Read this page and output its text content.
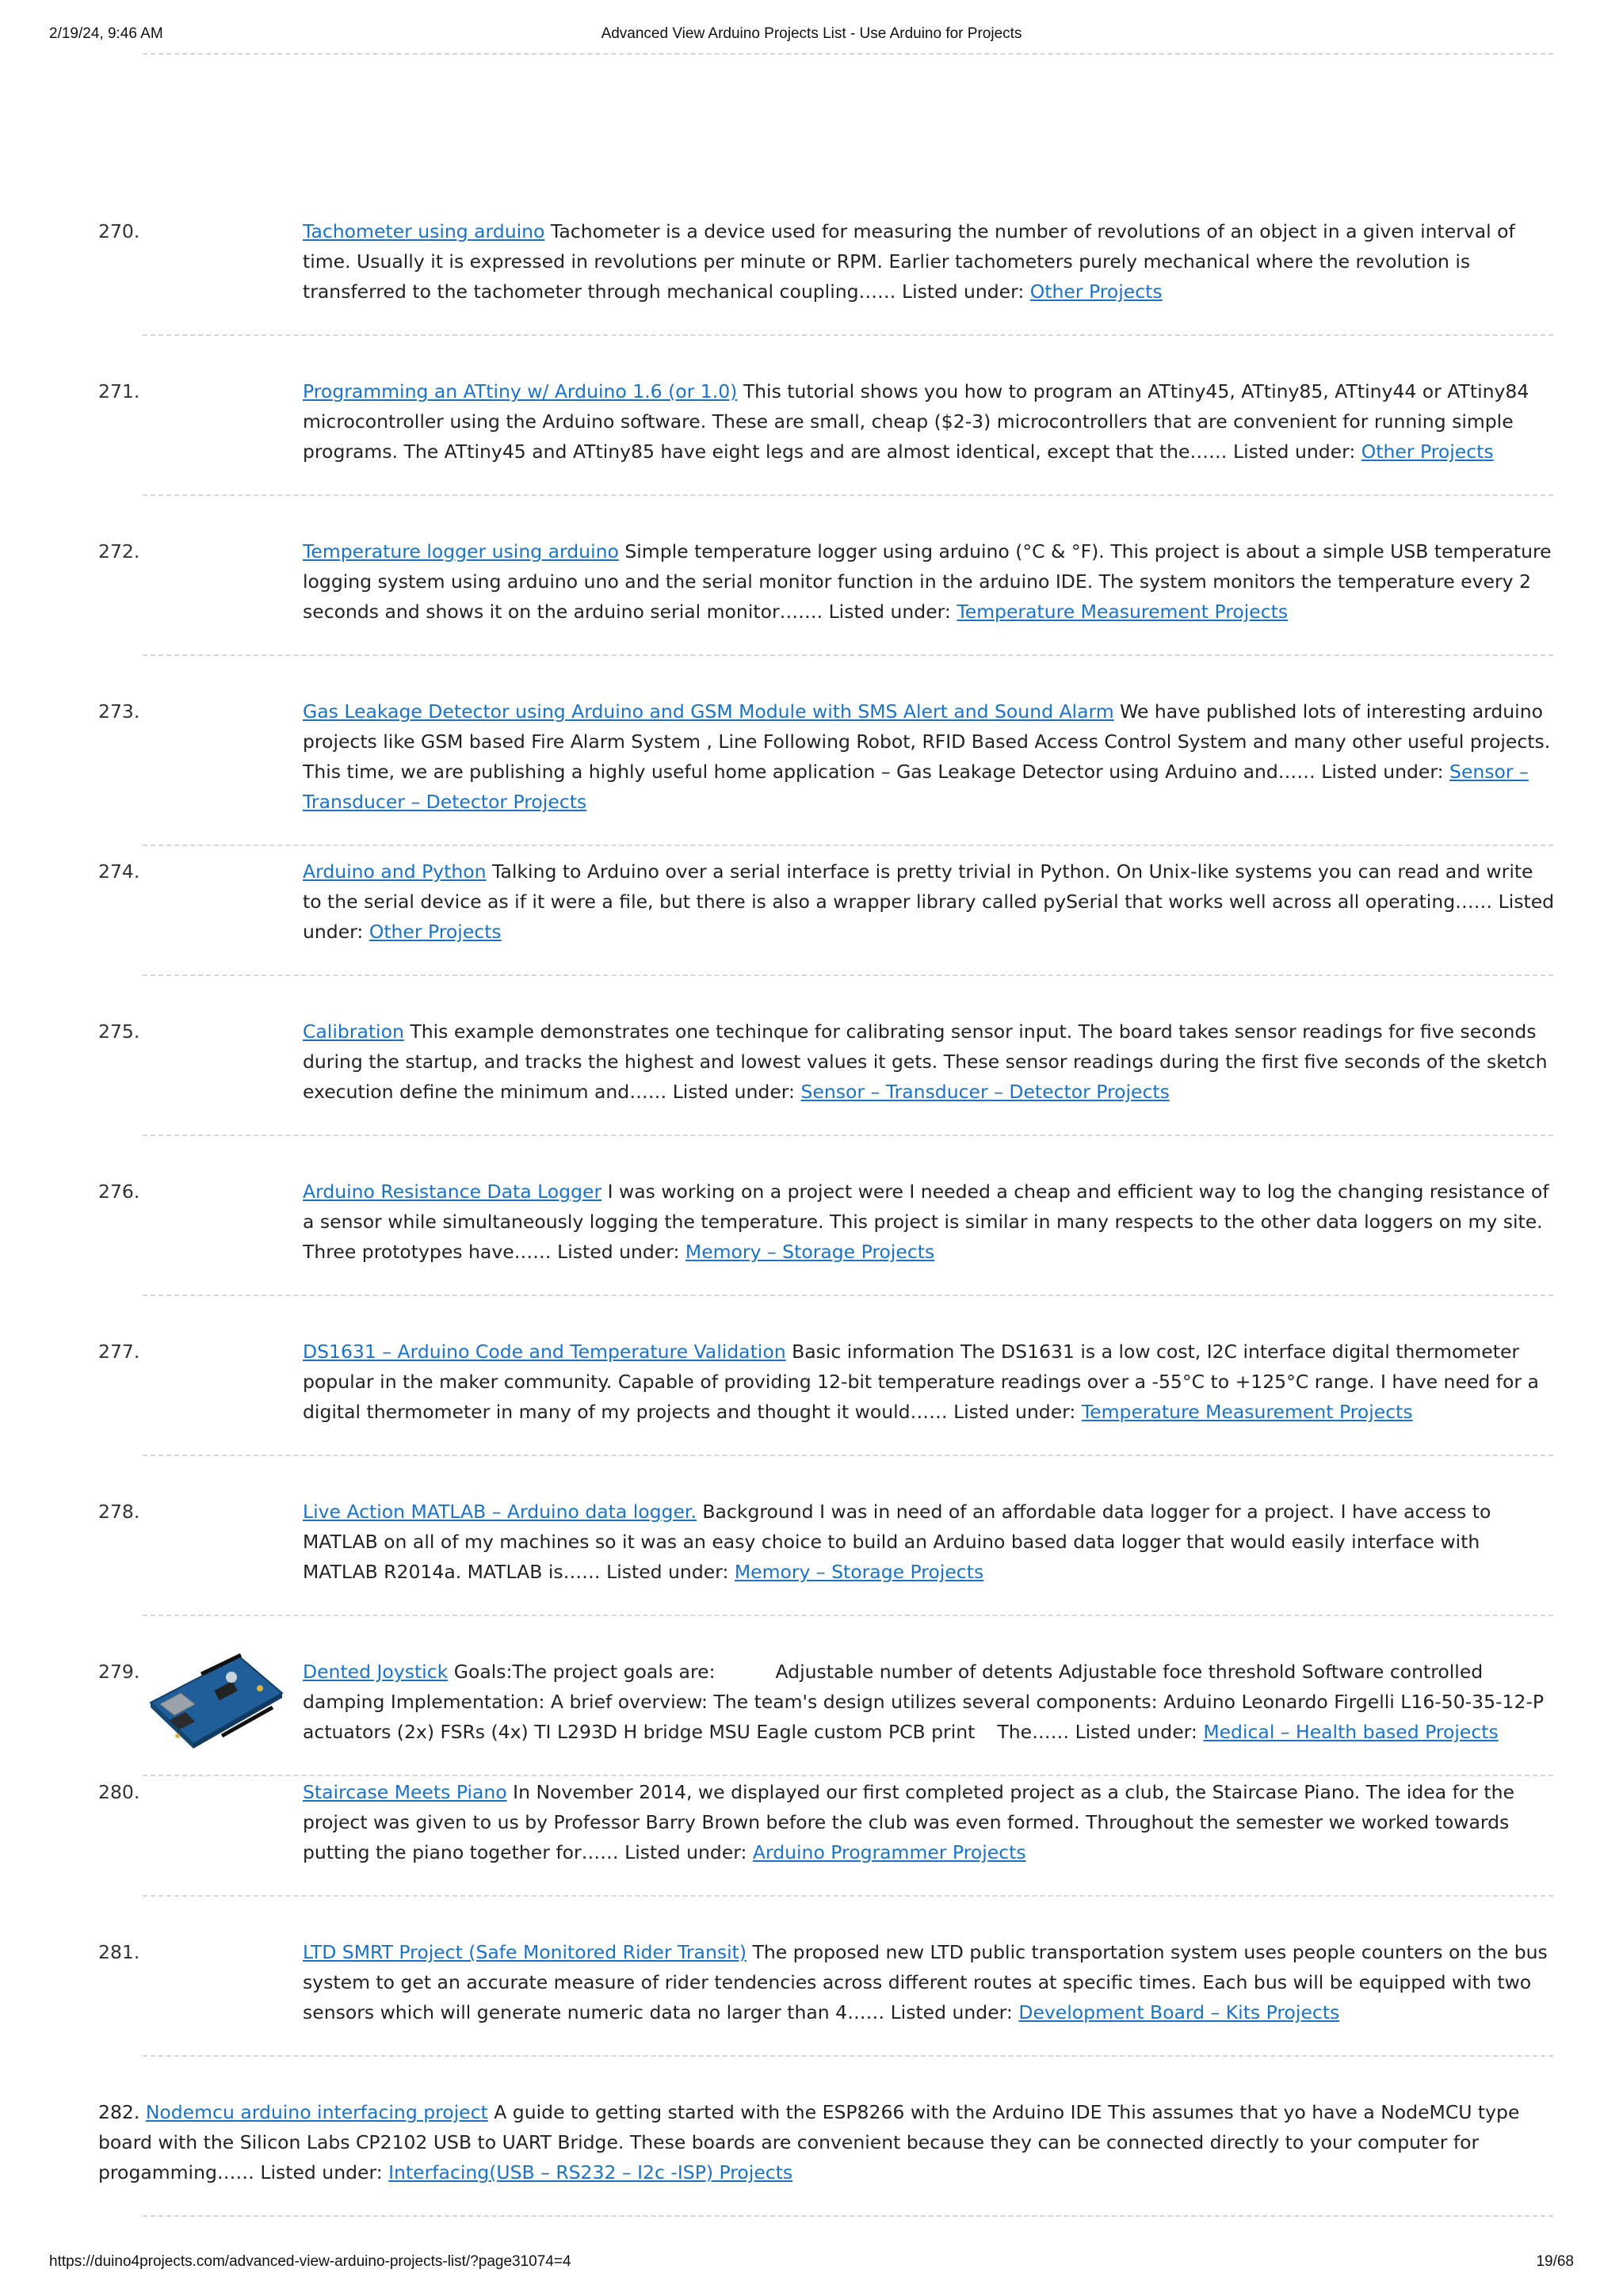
2/19/24, 9:46 AM	Advanced View Arduino Projects List - Use Arduino for Projects
270.	Tachometer using arduino Tachometer is a device used for measuring the number of revolutions of an object in a given interval of time. Usually it is expressed in revolutions per minute or RPM. Earlier tachometers purely mechanical where the revolution is transferred to the tachometer through mechanical coupling…… Listed under: Other Projects
271.	Programming an ATtiny w/ Arduino 1.6 (or 1.0) This tutorial shows you how to program an ATtiny45, ATtiny85, ATtiny44 or ATtiny84 microcontroller using the Arduino software. These are small, cheap ($2-3) microcontrollers that are convenient for running simple programs. The ATtiny45 and ATtiny85 have eight legs and are almost identical, except that the…… Listed under: Other Projects
272.	Temperature logger using arduino Simple temperature logger using arduino (°C & °F). This project is about a simple USB temperature logging system using arduino uno and the serial monitor function in the arduino IDE. The system monitors the temperature every 2 seconds and shows it on the arduino serial monitor……. Listed under: Temperature Measurement Projects
273.	Gas Leakage Detector using Arduino and GSM Module with SMS Alert and Sound Alarm We have published lots of interesting arduino projects like GSM based Fire Alarm System , Line Following Robot, RFID Based Access Control System and many other useful projects. This time, we are publishing a highly useful home application – Gas Leakage Detector using Arduino and…… Listed under: Sensor – Transducer – Detector Projects
274.	Arduino and Python Talking to Arduino over a serial interface is pretty trivial in Python. On Unix-like systems you can read and write to the serial device as if it were a file, but there is also a wrapper library called pySerial that works well across all operating…… Listed under: Other Projects
275.	Calibration This example demonstrates one techinque for calibrating sensor input. The board takes sensor readings for five seconds during the startup, and tracks the highest and lowest values it gets. These sensor readings during the first five seconds of the sketch execution define the minimum and…… Listed under: Sensor – Transducer – Detector Projects
276.	Arduino Resistance Data Logger I was working on a project were I needed a cheap and efficient way to log the changing resistance of a sensor while simultaneously logging the temperature. This project is similar in many respects to the other data loggers on my site. Three prototypes have…… Listed under: Memory – Storage Projects
277.	DS1631 – Arduino Code and Temperature Validation Basic information The DS1631 is a low cost, I2C interface digital thermometer popular in the maker community. Capable of providing 12-bit temperature readings over a -55°C to +125°C range. I have need for a digital thermometer in many of my projects and thought it would…… Listed under: Temperature Measurement Projects
278.	Live Action MATLAB – Arduino data logger. Background I was in need of an affordable data logger for a project. I have access to MATLAB on all of my machines so it was an easy choice to build an Arduino based data logger that would easily interface with MATLAB R2014a. MATLAB is…… Listed under: Memory – Storage Projects
279.	Dented Joystick Goals:The project goals are:	Adjustable number of detents Adjustable foce threshold Software controlled damping Implementation: A brief overview: The team's design utilizes several components: Arduino Leonardo Firgelli L16-50-35-12-P actuators (2x) FSRs (4x) TI L293D H bridge MSU Eagle custom PCB print The…… Listed under: Medical – Health based Projects
280.	Staircase Meets Piano In November 2014, we displayed our first completed project as a club, the Staircase Piano. The idea for the project was given to us by Professor Barry Brown before the club was even formed. Throughout the semester we worked towards putting the piano together for…… Listed under: Arduino Programmer Projects
281.	LTD SMRT Project (Safe Monitored Rider Transit) The proposed new LTD public transportation system uses people counters on the bus system to get an accurate measure of rider tendencies across different routes at specific times. Each bus will be equipped with two sensors which will generate numeric data no larger than 4…… Listed under: Development Board – Kits Projects
282. Nodemcu arduino interfacing project A guide to getting started with the ESP8266 with the Arduino IDE This assumes that yo have a NodeMCU type board with the Silicon Labs CP2102 USB to UART Bridge. These boards are convenient because they can be connected directly to your computer for progamming…… Listed under: Interfacing(USB – RS232 – I2c -ISP) Projects
https://duino4projects.com/advanced-view-arduino-projects-list/?page31074=4	19/68
